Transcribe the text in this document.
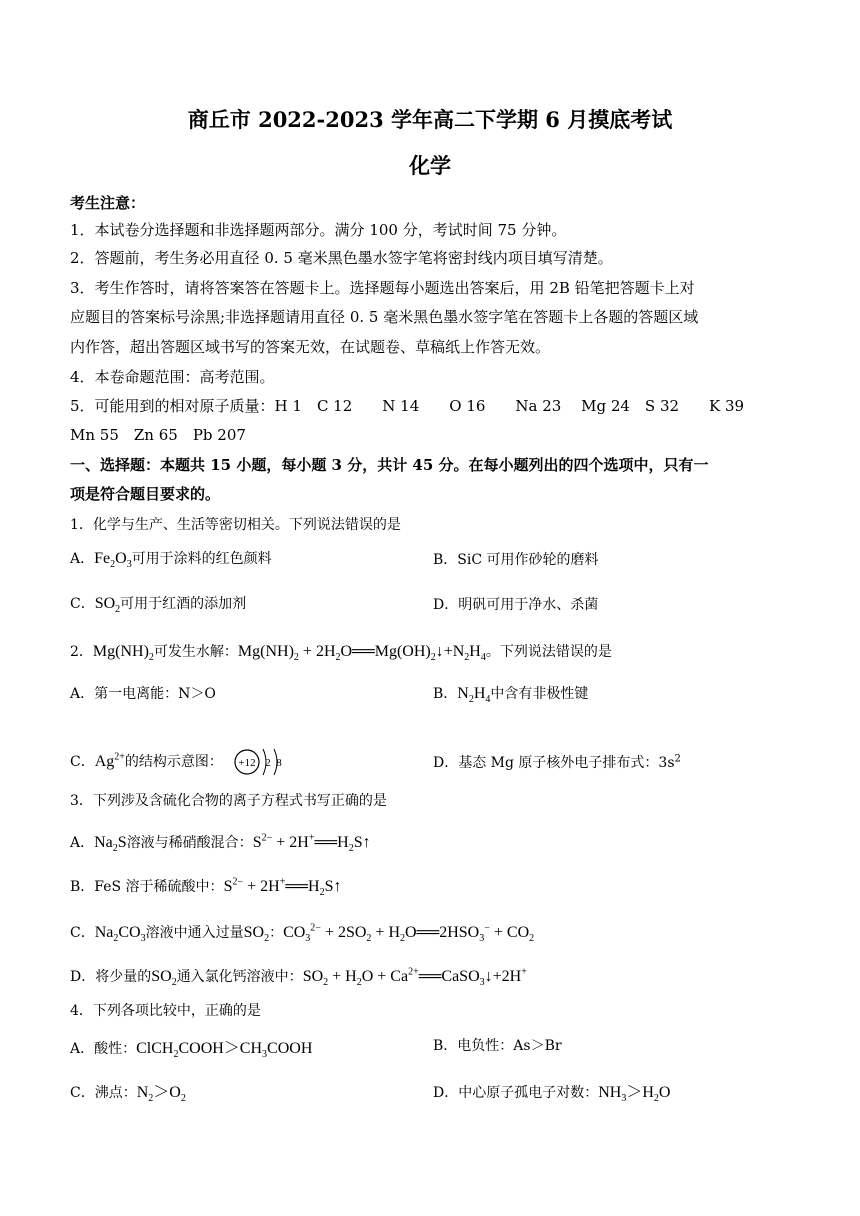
商丘市 2022-2023 学年高二下学期 6 月摸底考试
化学
考生注意：
1．本试卷分选择题和非选择题两部分。满分 100 分，考试时间 75 分钟。
2．答题前，考生务必用直径 0. 5 毫米黑色墨水签字笔将密封线内项目填写清楚。
3．考生作答时，请将答案答在答题卡上。选择题每小题选出答案后，用 2B 铅笔把答题卡上对
应题目的答案标号涂黑;非选择题请用直径 0. 5 毫米黑色墨水签字笔在答题卡上各题的答题区域
内作答，超出答题区域书写的答案无效，在试题卷、草稿纸上作答无效。
4．本卷命题范围：高考范围。
5．可能用到的相对原子质量：H 1　C 12　　N 14　　O 16　　Na 23　 Mg 24　S 32　　K 39
Mn 55　Zn 65　Pb 207
一、选择题：本题共 15 小题，每小题 3 分，共计 45 分。在每小题列出的四个选项中，只有一
项是符合题目要求的。
1．化学与生产、生活等密切相关。下列说法错误的是
A．$Fe_2O_3$可用于涂料的红色颜料	B．SiC 可用作砂轮的磨料
C．$SO_2$可用于红酒的添加剂	D．明矾可用于净水、杀菌
2．$Mg(NH)_2$可发生水解：$Mg(NH)_2$ + $2H_2O══Mg(OH)_2↓+N_2H_4$。下列说法错误的是
A．第一电离能：N＞O	B．$N_2H_4$中含有非极性键
C．$Ag^{2+}$的结构示意图： +12 2 8	D．基态 Mg 原子核外电子排布式：$3s^2$
3．下列涉及含硫化合物的离子方程式书写正确的是
A．$Na_2S$溶液与稀硝酸混合：$S^{2-}$ + $2H^+══H_2S↑$
B．FeS 溶于稀硫酸中：$S^{2-}$ + $2H^+══H_2S↑$
C．$Na_2CO_3$溶液中通入过量$SO_2$：$CO_3^{2-} + 2SO_2$ + $H_2O══2HSO_3^- + CO_2$
D．将少量的$SO_2$通入氯化钙溶液中：$SO_2 + H_2O$ + $Ca^{2+}══CaSO_3↓+2H^+$
4．下列各项比较中，正确的是
A．酸性：$ClCH_2COOH>CH_3COOH$	B．电负性：As＞Br
C．沸点：$N_2>O_2$	D．中心原子孤电子对数：$NH_3>H_2O$
